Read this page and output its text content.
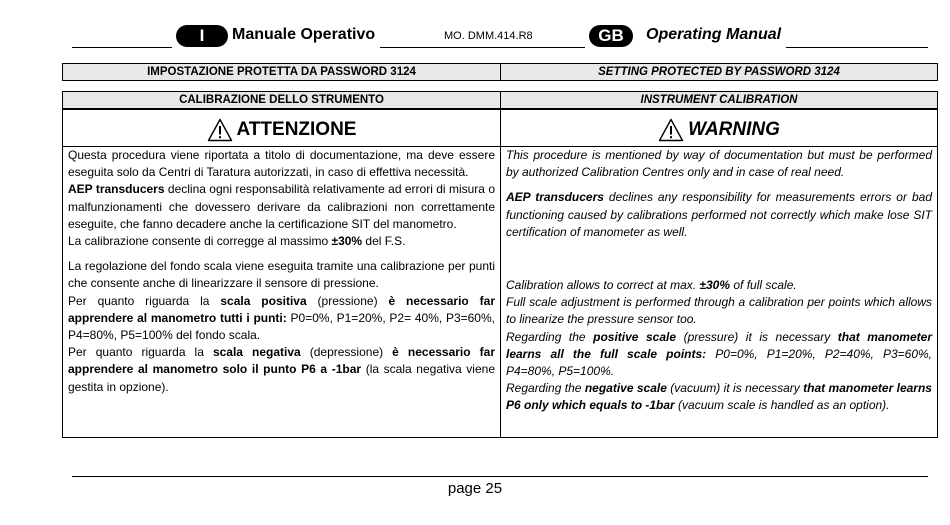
I	Manuale Operativo	MO. DMM.414.R8	GB	Operating Manual
IMPOSTAZIONE PROTETTA DA PASSWORD 3124	SETTING PROTECTED BY PASSWORD 3124
CALIBRAZIONE DELLO STRUMENTO	INSTRUMENT CALIBRATION
ATTENZIONE	WARNING

Questa procedura viene riportata a titolo di documentazione, ma deve essere eseguita solo da Centri di Taratura autorizzati, in caso di effettiva necessità.

AEP transducers declina ogni responsabilità relativamente ad errori di misura o malfunzionamenti che dovessero derivare da calibrazioni non correttamente eseguite, che fanno decadere anche la certificazione SIT del manometro.

La calibrazione consente di corregge al massimo ±30% del F.S.

La regolazione del fondo scala viene eseguita tramite una calibrazione per punti che consente anche di linearizzare il sensore di pressione.

Per quanto riguarda la scala positiva (pressione) è necessario far apprendere al manometro tutti i punti: P0=0%, P1=20%, P2= 40%, P3=60%, P4=80%, P5=100% del fondo scala.

Per quanto riguarda la scala negativa (depressione) è necessario far apprendere al manometro solo il punto P6 a -1bar (la scala negativa viene gestita in opzione).

This procedure is mentioned by way of documentation but must be performed by authorized Calibration Centres only and in case of real need.

AEP transducers declines any responsibility for measurements errors or bad functioning caused by calibrations performed not correctly which make lose SIT certification of manometer as well.

Calibration allows to correct at max. ±30% of full scale.

Full scale adjustment is performed through a calibration per points which allows to linearize the pressure sensor too.

Regarding the positive scale (pressure) it is necessary that manometer learns all the full scale points: P0=0%, P1=20%, P2=40%, P3=60%, P4=80%, P5=100%.

Regarding the negative scale (vacuum) it is necessary that manometer learns P6 only which equals to -1bar (vacuum scale is handled as an option).

page 25
